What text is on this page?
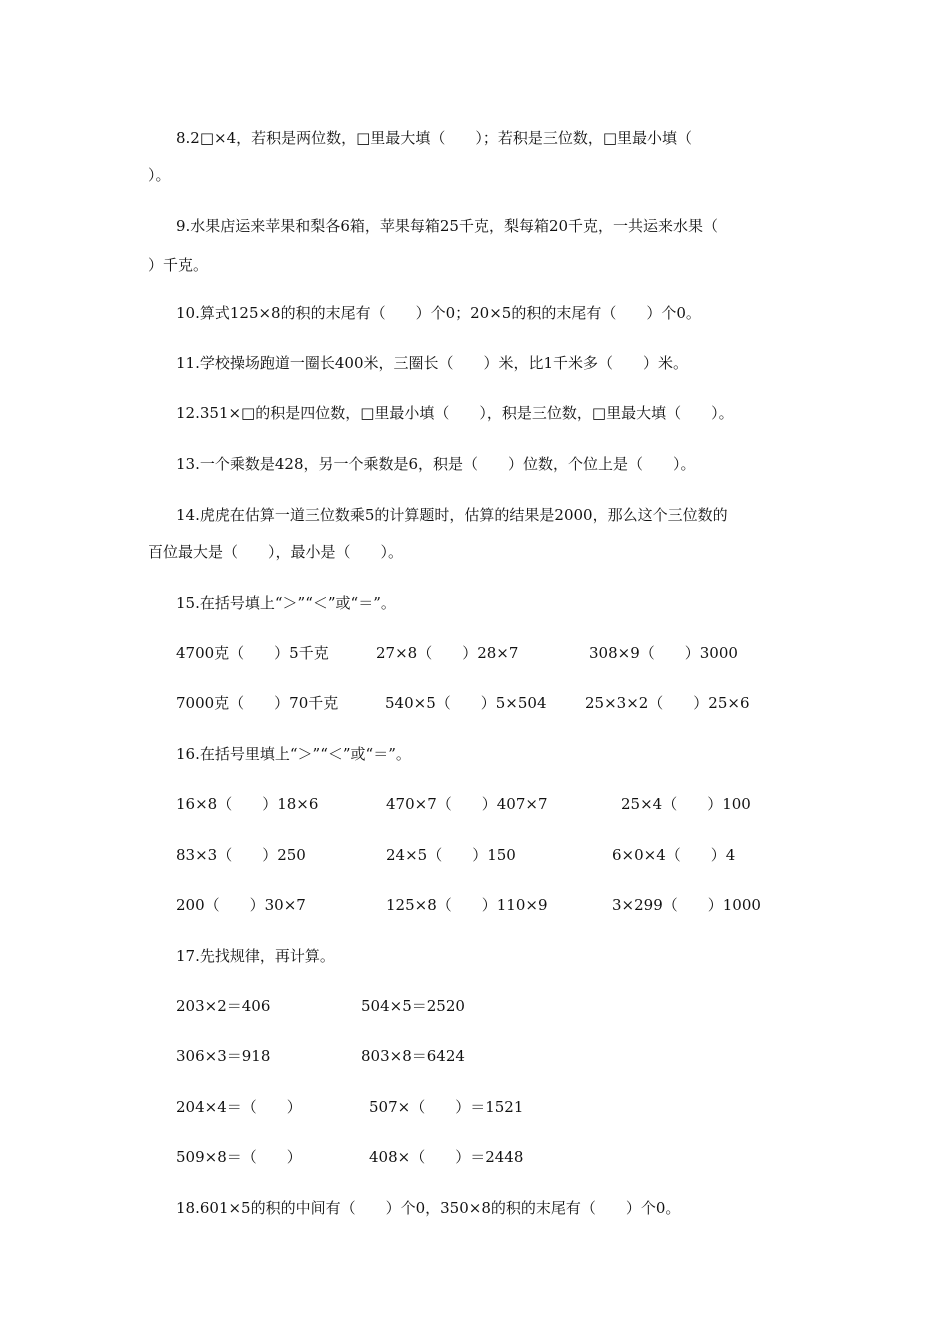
8.2□×4，若积是两位数，□里最大填（　　）；若积是三位数，□里最小填（
）。
9.水果店运来苹果和梨各6箱，苹果每箱25千克，梨每箱20千克，一共运来水果（
）千克。
10.算式125×8的积的末尾有（　　）个0；20×5的积的末尾有（　　）个0。
11.学校操场跑道一圈长400米，三圈长（　　）米，比1千米多（　　）米。
12.351×□的积是四位数，□里最小填（　　），积是三位数，□里最大填（　　）。
13.一个乘数是428，另一个乘数是6，积是（　　）位数，个位上是（　　）。
14.虎虎在估算一道三位数乘5的计算题时，估算的结果是2000，那么这个三位数的
百位最大是（　　），最小是（　　）。
15.在括号填上“＞”“＜”或“＝”。
4700克（　　）5千克	27×8（　　）28×7	308×9（　　）3000
7000克（　　）70千克	540×5（　　）5×504	25×3×2（　　）25×6
16.在括号里填上“＞”“＜”或“＝”。
16×8（　　）18×6	470×7（　　）407×7	25×4（　　）100
83×3（　　）250	24×5（　　）150	6×0×4（　　）4
200（　　）30×7	125×8（　　）110×9	3×299（　　）1000
17.先找规律，再计算。
203×2＝406	504×5＝2520
306×3＝918	803×8＝6424
204×4＝（　　）	507×（　　）＝1521
509×8＝（　　）	408×（　　）＝2448
18.601×5的积的中间有（　　）个0，350×8的积的末尾有（　　）个0。
